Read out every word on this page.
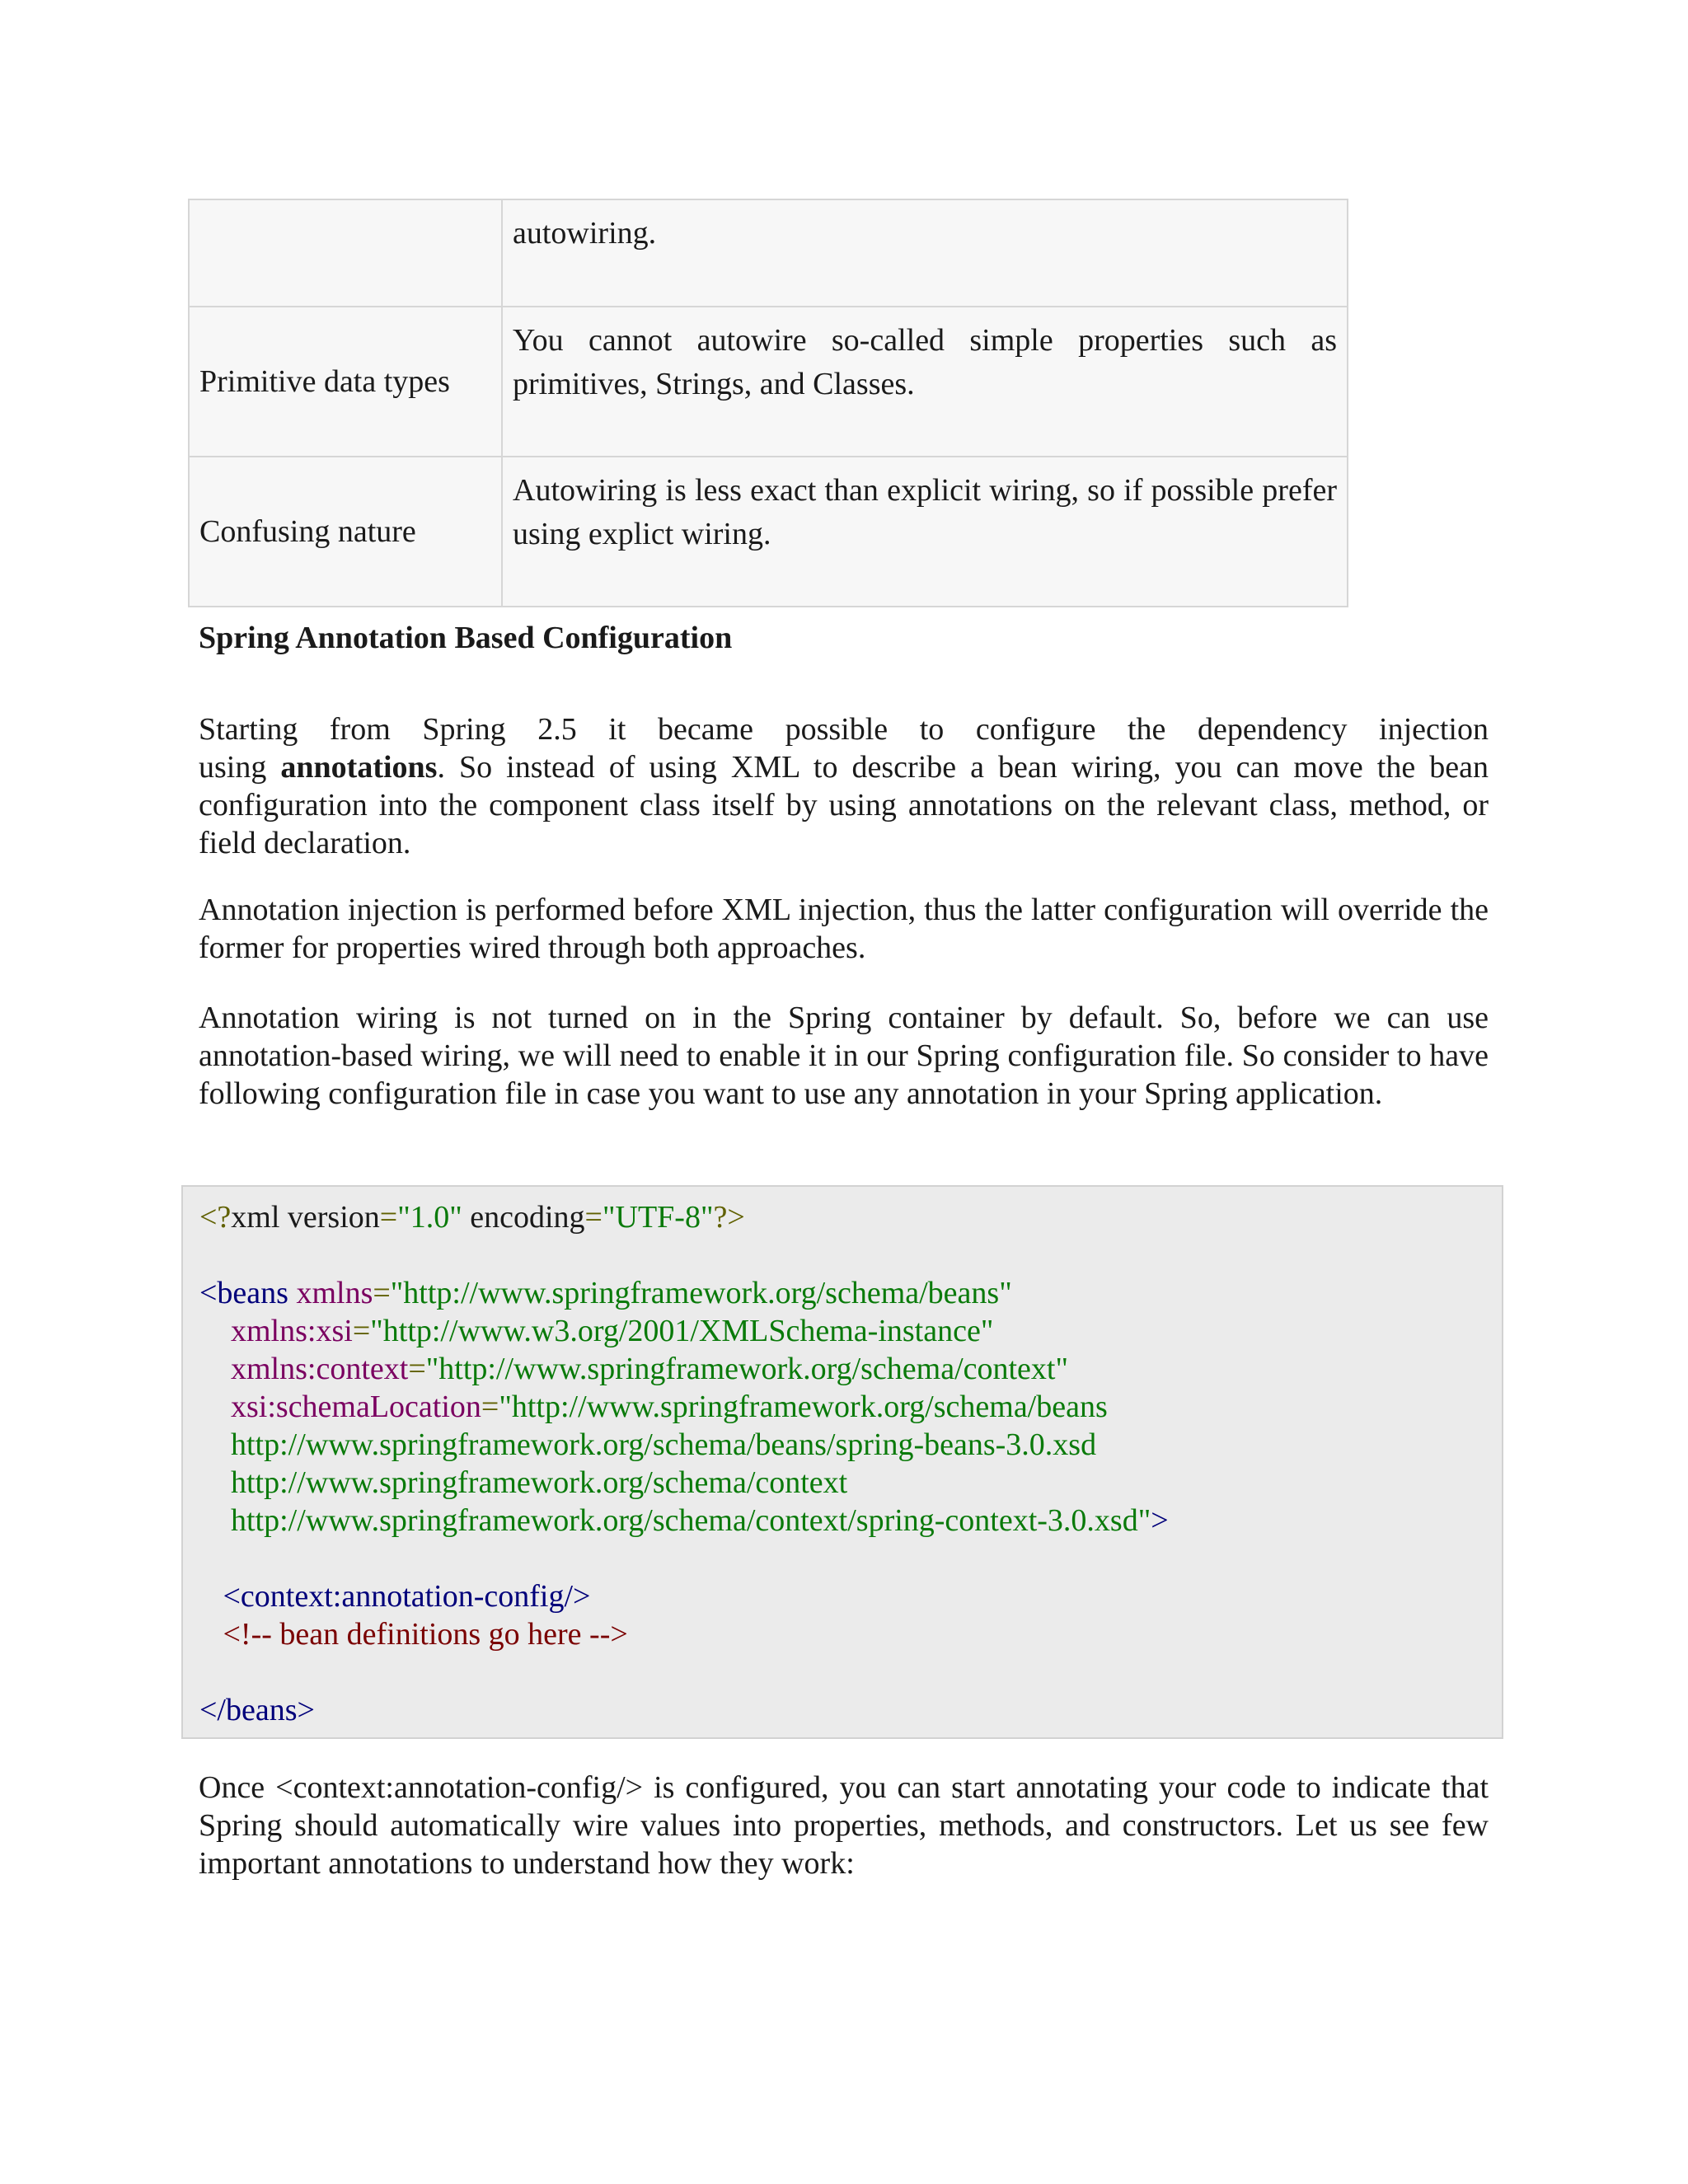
	autowiring.
Primitive data types	You cannot autowire so-called simple properties such as primitives, Strings, and Classes.
Confusing nature	Autowiring is less exact than explicit wiring, so if possible prefer using explict wiring.
Spring Annotation Based Configuration

Starting from Spring 2.5 it became possible to configure the dependency injection
using annotations. So instead of using XML to describe a bean wiring, you can move the bean configuration into the component class itself by using annotations on the relevant class, method, or field declaration.

Annotation injection is performed before XML injection, thus the latter configuration will override the former for properties wired through both approaches.

Annotation wiring is not turned on in the Spring container by default. So, before we can use annotation-based wiring, we will need to enable it in our Spring configuration file. So consider to have following configuration file in case you want to use any annotation in your Spring application.

<?xml version="1.0" encoding="UTF-8"?>
<beans xmlns="http://www.springframework.org/schema/beans"
xmlns:xsi="http://www.w3.org/2001/XMLSchema-instance"
xmlns:context="http://www.springframework.org/schema/context"
xsi:schemaLocation="http://www.springframework.org/schema/beans
http://www.springframework.org/schema/beans/spring-beans-3.0.xsd
http://www.springframework.org/schema/context
http://www.springframework.org/schema/context/spring-context-3.0.xsd">
<context:annotation-config/>
<!-- bean definitions go here -->
</beans>

Once <context:annotation-config/> is configured, you can start annotating your code to indicate that Spring should automatically wire values into properties, methods, and constructors. Let us see few important annotations to understand how they work:
